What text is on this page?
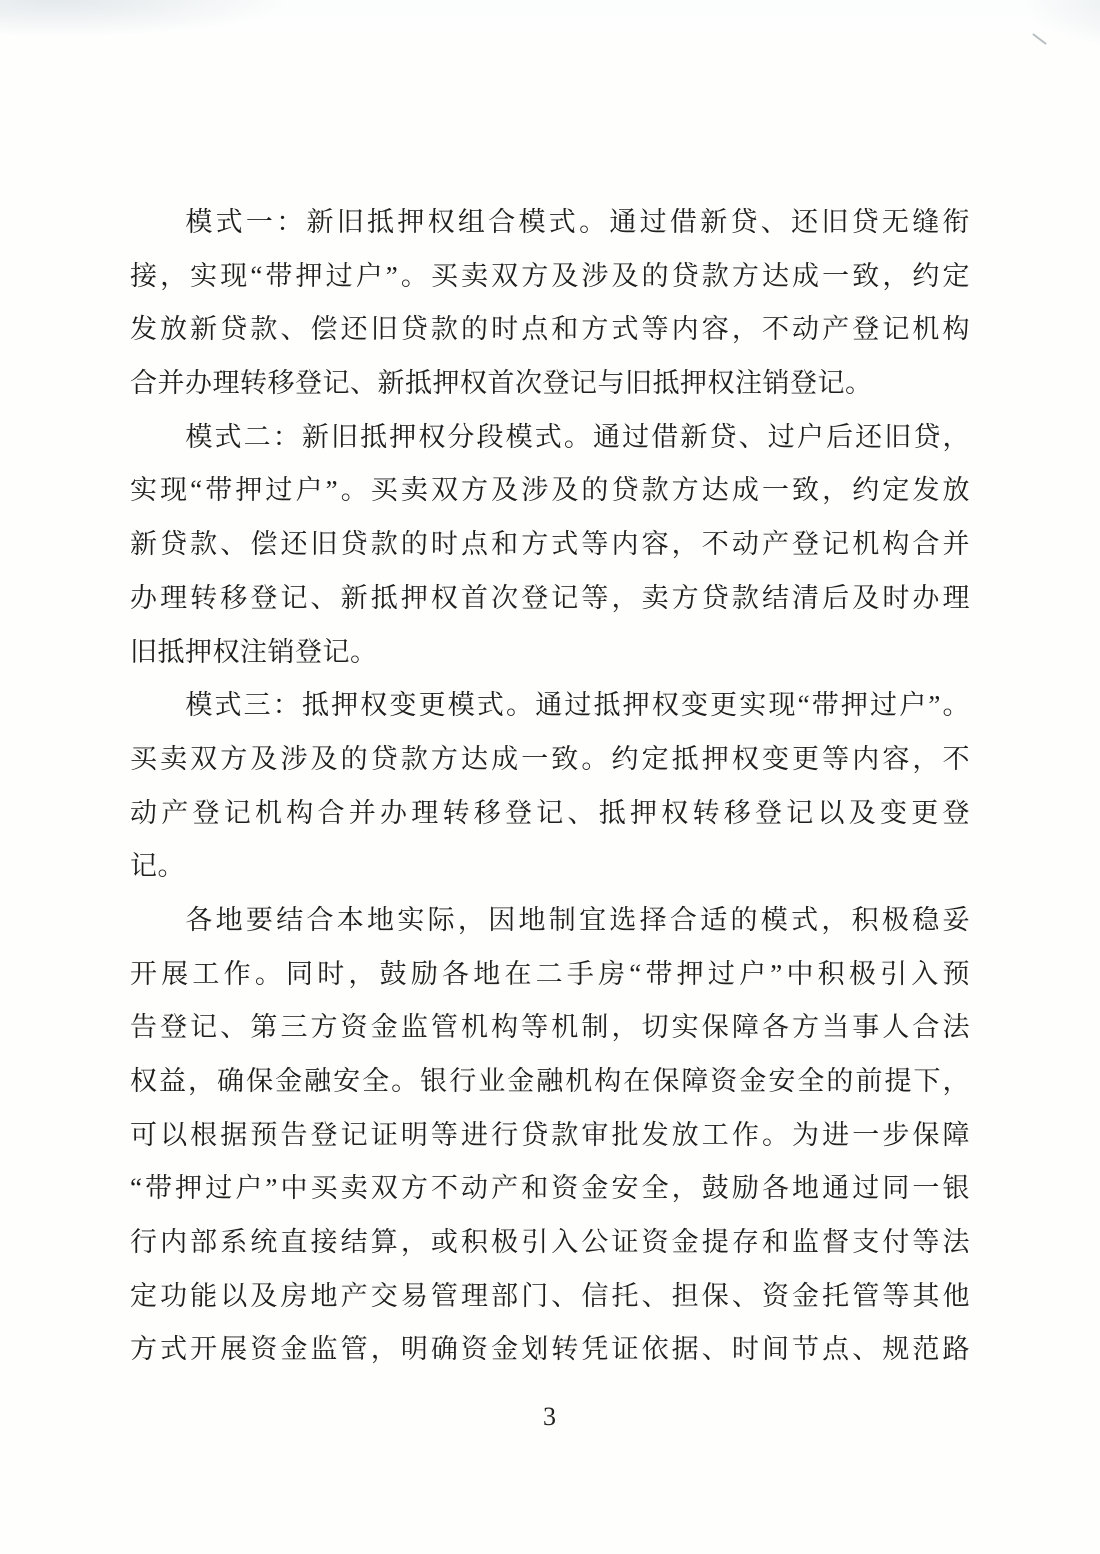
模式一：新旧抵押权组合模式。通过借新贷、还旧贷无缝衔

接，实现“带押过户”。买卖双方及涉及的贷款方达成一致，约定

发放新贷款、偿还旧贷款的时点和方式等内容，不动产登记机构

合并办理转移登记、新抵押权首次登记与旧抵押权注销登记。

模式二：新旧抵押权分段模式。通过借新贷、过户后还旧贷，

实现“带押过户”。买卖双方及涉及的贷款方达成一致，约定发放

新贷款、偿还旧贷款的时点和方式等内容，不动产登记机构合并

办理转移登记、新抵押权首次登记等，卖方贷款结清后及时办理

旧抵押权注销登记。

模式三：抵押权变更模式。通过抵押权变更实现“带押过户”。

买卖双方及涉及的贷款方达成一致。约定抵押权变更等内容，不

动产登记机构合并办理转移登记、抵押权转移登记以及变更登

记。

各地要结合本地实际，因地制宜选择合适的模式，积极稳妥

开展工作。同时，鼓励各地在二手房“带押过户”中积极引入预

告登记、第三方资金监管机构等机制，切实保障各方当事人合法

权益，确保金融安全。银行业金融机构在保障资金安全的前提下，

可以根据预告登记证明等进行贷款审批发放工作。为进一步保障

“带押过户”中买卖双方不动产和资金安全，鼓励各地通过同一银

行内部系统直接结算，或积极引入公证资金提存和监督支付等法

定功能以及房地产交易管理部门、信托、担保、资金托管等其他

方式开展资金监管，明确资金划转凭证依据、时间节点、规范路

3
